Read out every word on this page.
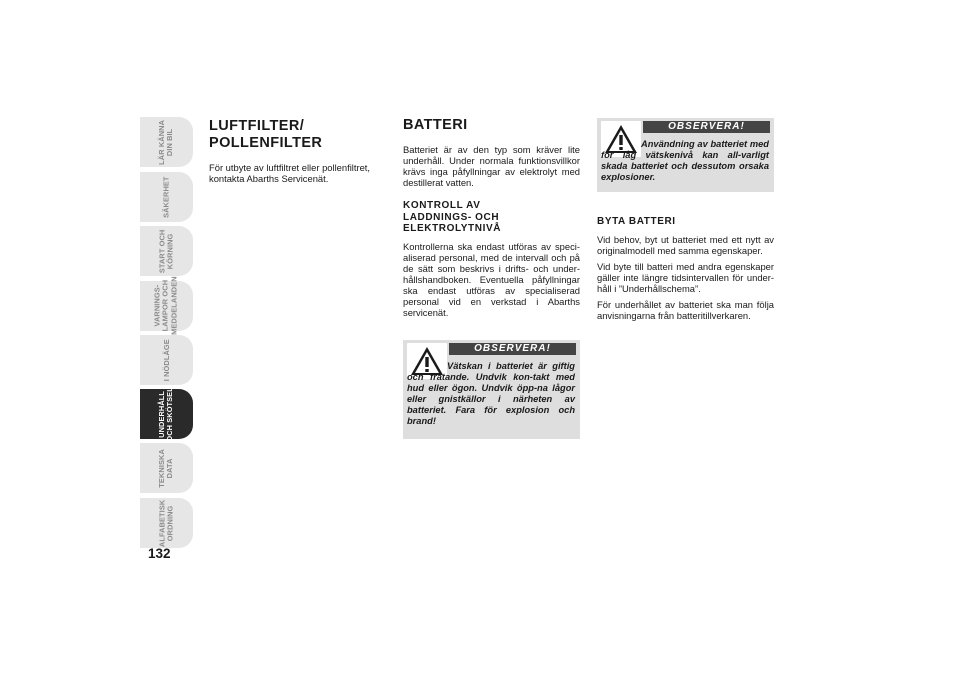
LÄR KÄNNA
DIN BIL
SÄKERHET
START OCH
KÖRNING
VARNINGS-
LAMPOR OCH
MEDDELANDEN
I NÖDLÄGE
UNDERHÅLL
OCH SKÖTSEL
TEKNISKA
DATA
ALFABETISK
ORDNING
132
LUFTFILTER/
POLLENFILTER

För utbyte av luftfiltret eller pollenfiltret, kontakta Abarths Servicenät.

BATTERI

Batteriet är av den typ som kräver lite underhåll. Under normala funktionsvillkor krävs inga påfyllningar av elektrolyt med destillerat vatten.

KONTROLL AV
LADDNINGS- OCH
ELEKTROLYTNIVÅ

Kontrollerna ska endast utföras av speci-aliserad personal, med de intervall och på de sätt som beskrivs i drifts- och under-hållshandboken. Eventuella påfyllningar ska endast utföras av specialiserad personal vid en verkstad i Abarths servicenät.

OBSERVERA!
Vätskan i batteriet är giftig och frätande. Undvik kon-takt med hud eller ögon. Undvik öpp-na lågor eller gnistkällor i närheten av batteriet. Fara för explosion och brand!
OBSERVERA!
Användning av batteriet med för låg vätskenivå kan all-varligt skada batteriet och dessutom orsaka explosioner.
BYTA BATTERI

Vid behov, byt ut batteriet med ett nytt av originalmodell med samma egenskaper.

Vid byte till batteri med andra egenskaper gäller inte längre tidsintervallen för under-håll i ”Underhållschema”.

För underhållet av batteriet ska man följa anvisningarna från batteritillverkaren.
